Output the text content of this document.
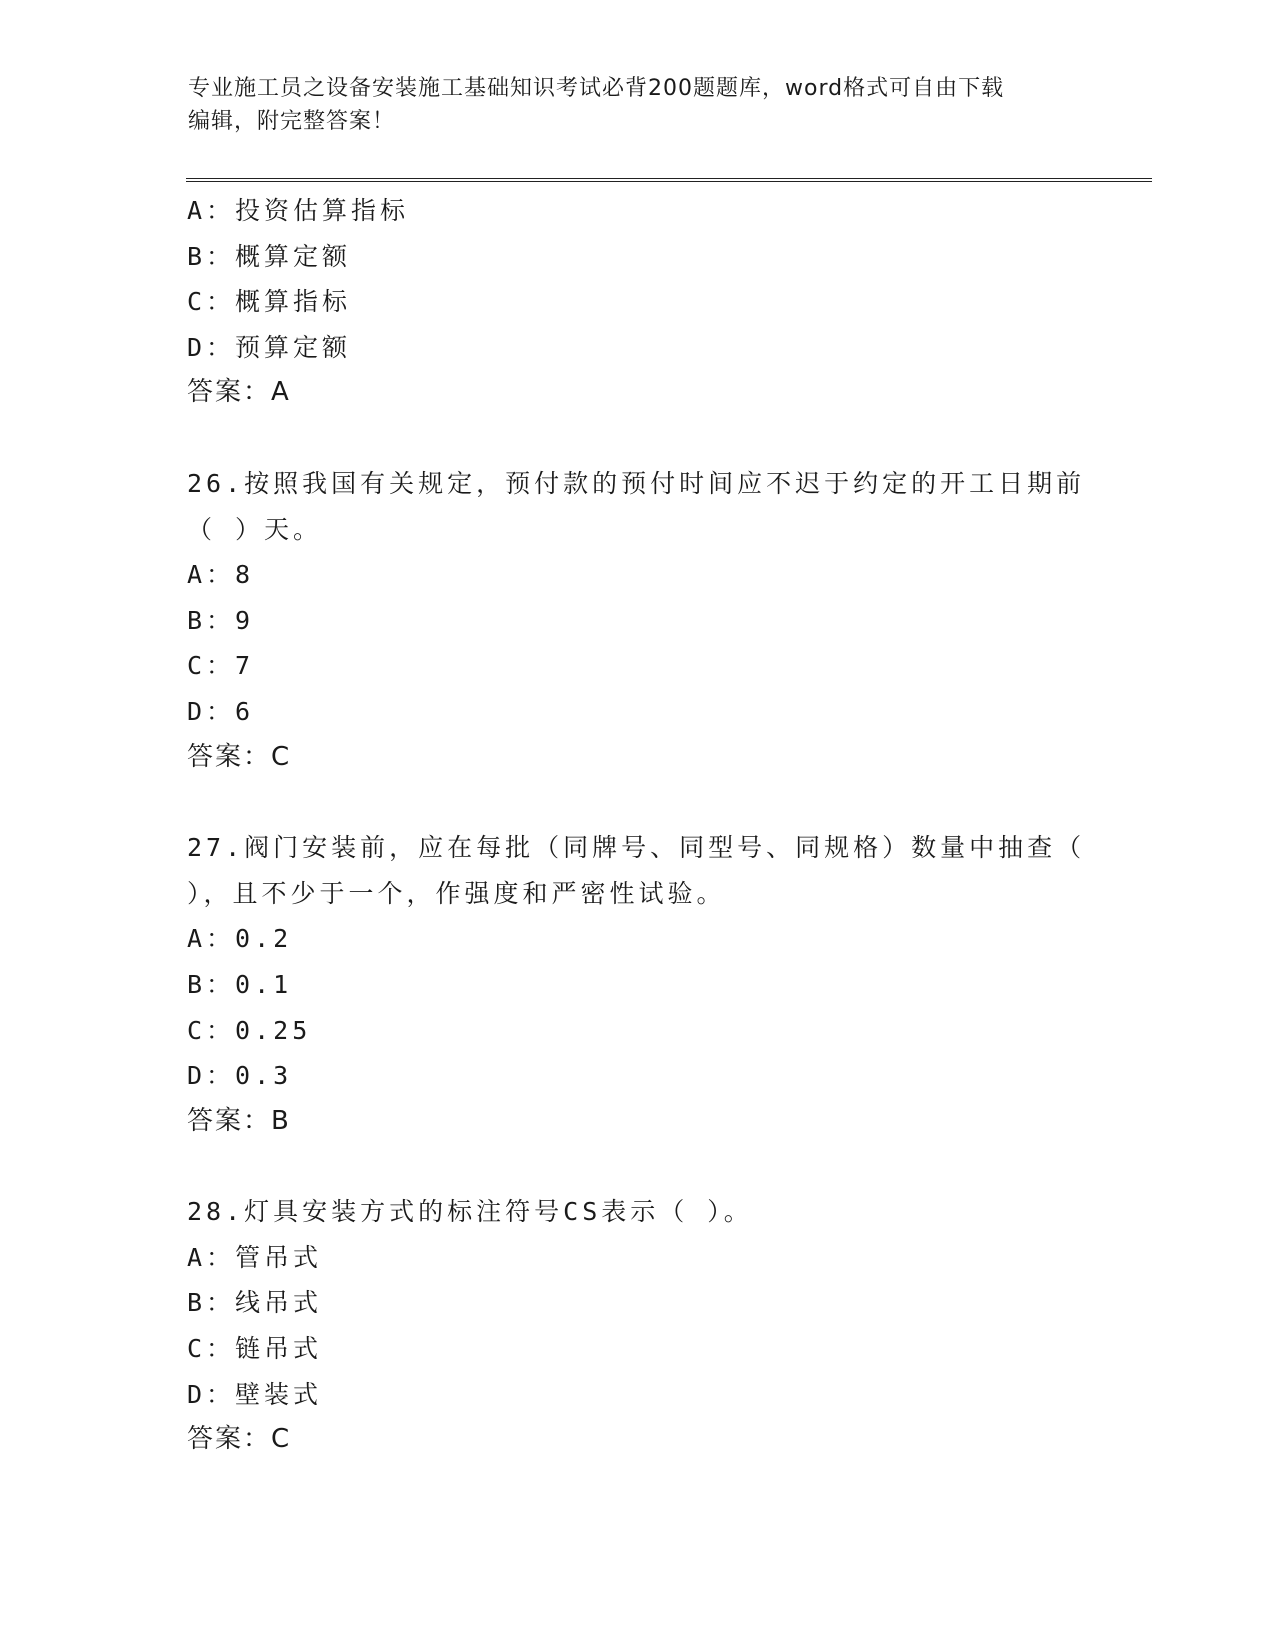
专业施工员之设备安装施工基础知识考试必背200题题库，word格式可自由下载
编辑，附完整答案！
A：投资估算指标
B：概算定额
C：概算指标
D：预算定额
答案：A
26.按照我国有关规定，预付款的预付时间应不迟于约定的开工日期前
（ ）天。
A：8
B：9
C：7
D：6
答案：C
27.阀门安装前，应在每批（同牌号、同型号、同规格）数量中抽查（
），且不少于一个，作强度和严密性试验。
A：0.2
B：0.1
C：0.25
D：0.3
答案：B
28.灯具安装方式的标注符号CS表示（ ）。
A：管吊式
B：线吊式
C：链吊式
D：壁装式
答案：C
